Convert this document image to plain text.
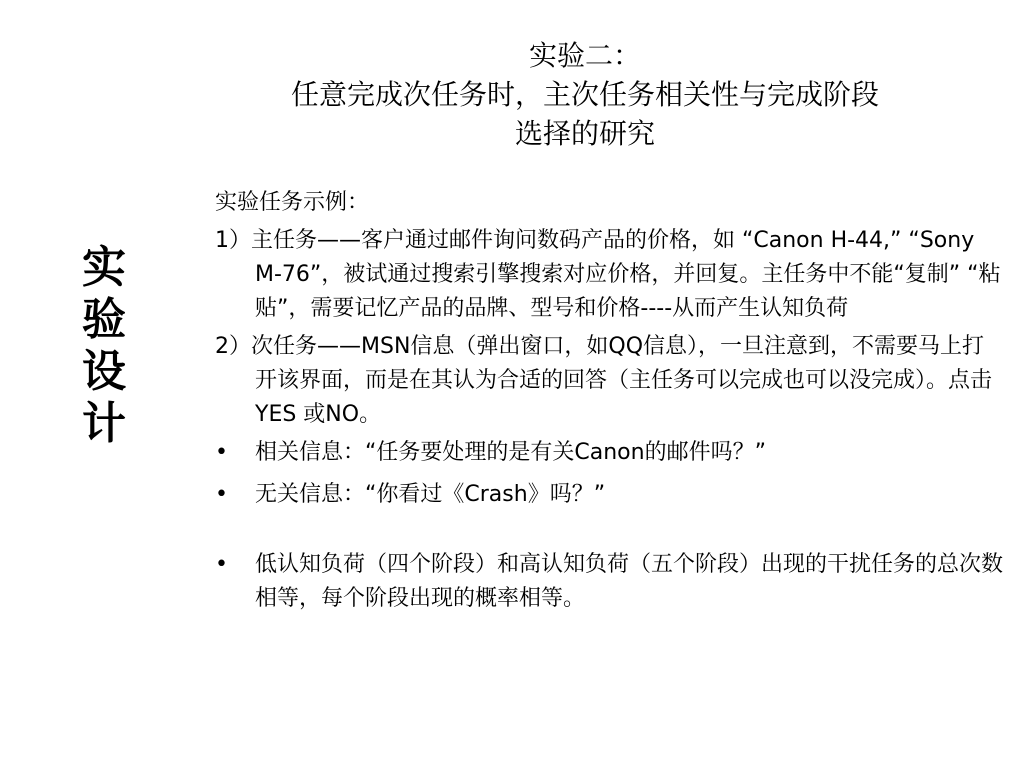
实验二：
任意完成次任务时，主次任务相关性与完成阶段
选择的研究
实
验
设
计

实验任务示例：

1）主任务——客户通过邮件询问数码产品的价格，如 “Canon H-44,” “Sony M-76”，被试通过搜索引擎搜索对应价格，并回复。主任务中不能“复制” “粘贴”，需要记忆产品的品牌、型号和价格----从而产生认知负荷

2）次任务——MSN信息（弹出窗口，如QQ信息），一旦注意到，不需要马上打开该界面，而是在其认为合适的回答（主任务可以完成也可以没完成）。点击YES 或NO。

•	相关信息：“任务要处理的是有关Canon的邮件吗？”
•	无关信息：“你看过《Crash》吗？”
•	低认知负荷（四个阶段）和高认知负荷（五个阶段）出现的干扰任务的总次数相等，每个阶段出现的概率相等。
